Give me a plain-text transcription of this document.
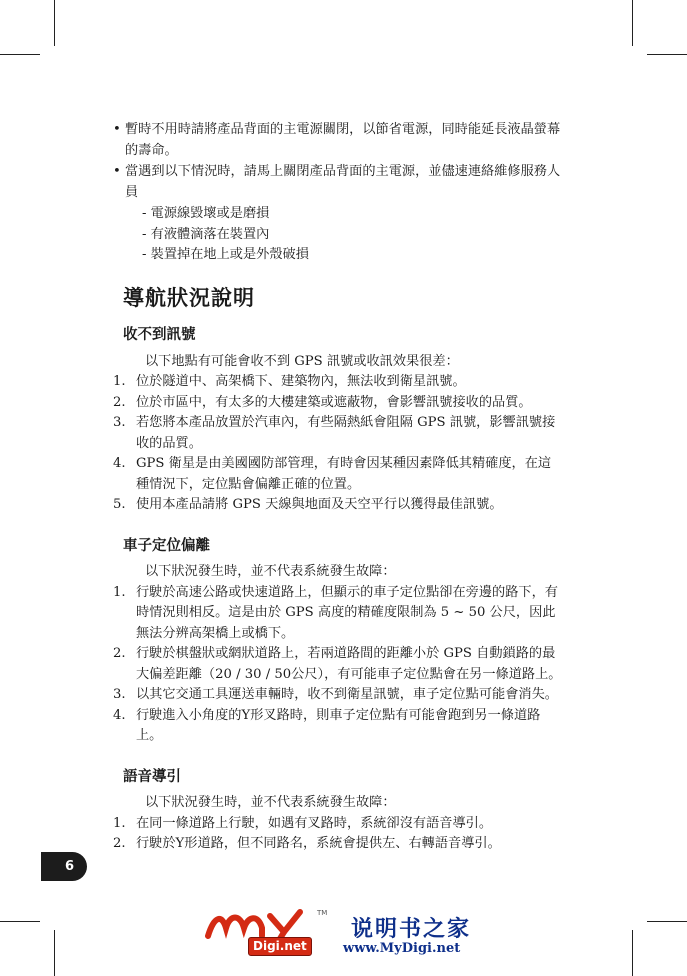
• 暫時不用時請將產品背面的主電源關閉，以節省電源，同時能延長液晶螢幕的壽命。
• 當遇到以下情況時，請馬上關閉產品背面的主電源，並儘速連絡維修服務人員
- 電源線毀壞或是磨損
- 有液體滴落在裝置內
- 裝置掉在地上或是外殼破損
導航狀況說明
收不到訊號
以下地點有可能會收不到 GPS 訊號或收訊效果很差：
1. 位於隧道中、高架橋下、建築物內，無法收到衛星訊號。
2. 位於市區中，有太多的大樓建築或遮蔽物，會影響訊號接收的品質。
3. 若您將本產品放置於汽車內，有些隔熱紙會阻隔 GPS 訊號，影響訊號接收的品質。
4. GPS 衛星是由美國國防部管理，有時會因某種因素降低其精確度，在這種情況下，定位點會偏離正確的位置。
5. 使用本產品請將 GPS 天線與地面及天空平行以獲得最佳訊號。
車子定位偏離
以下狀況發生時，並不代表系統發生故障：
1. 行駛於高速公路或快速道路上，但顯示的車子定位點卻在旁邊的路下，有時情況則相反。這是由於 GPS 高度的精確度限制為 5 ~ 50 公尺，因此無法分辨高架橋上或橋下。
2. 行駛於棋盤狀或網狀道路上，若兩道路間的距離小於 GPS 自動鎖路的最大偏差距離（20 / 30 / 50公尺），有可能車子定位點會在另一條道路上。
3. 以其它交通工具運送車輛時，收不到衛星訊號，車子定位點可能會消失。
4. 行駛進入小角度的Y形叉路時，則車子定位點有可能會跑到另一條道路上。
語音導引
以下狀況發生時，並不代表系統發生故障：
1. 在同一條道路上行駛，如遇有叉路時，系統卻沒有語音導引。
2. 行駛於Y形道路，但不同路名，系統會提供左、右轉語音導引。
6
TM
Digi.net
说明书之家
www.MyDigi.net
